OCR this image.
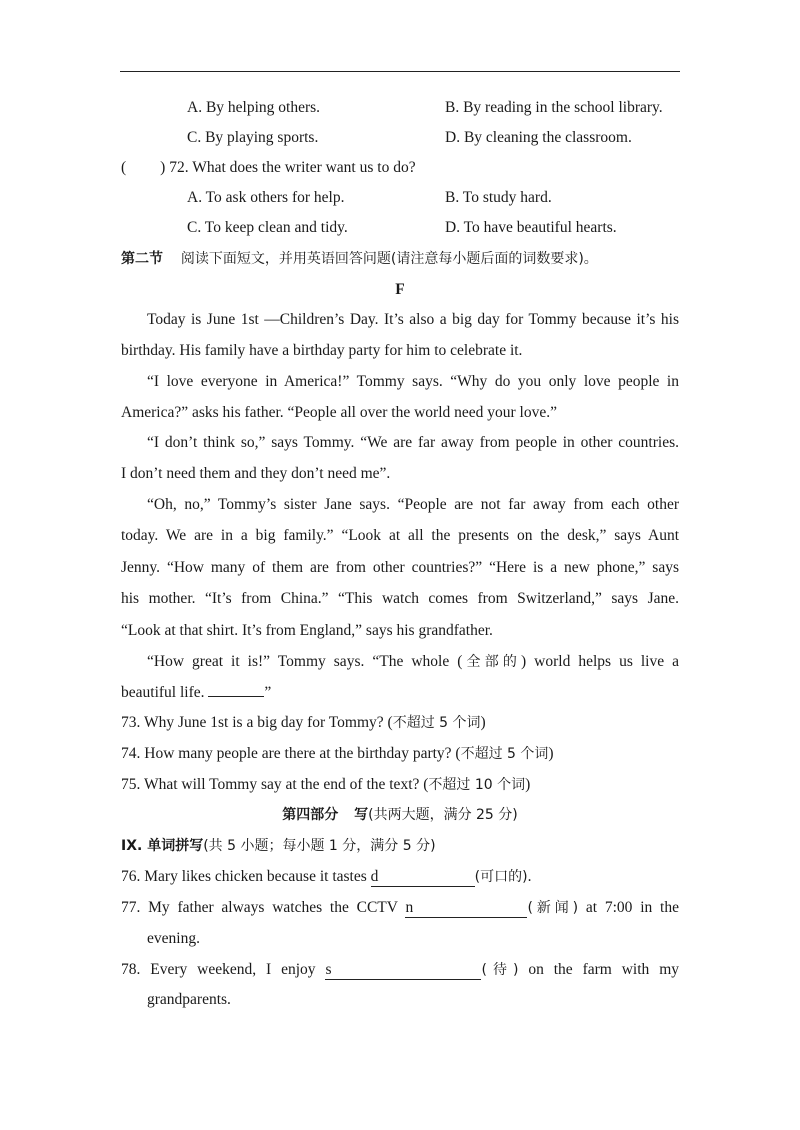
A. By helping others.	B. By reading in the school library.
C. By playing sports.	D. By cleaning the classroom.
( ) 72. What does the writer want us to do?
A. To ask others for help.	B. To study hard.
C. To keep clean and tidy.	D. To have beautiful hearts.
第二节 阅读下面短文，并用英语回答问题(请注意每小题后面的词数要求)。
F
Today is June 1st —Children’s Day. It’s also a big day for Tommy because it’s his
birthday. His family have a birthday party for him to celebrate it.
“I love everyone in America!” Tommy says. “Why do you only love people in
America?” asks his father. “People all over the world need your love.”
“I don’t think so,” says Tommy. “We are far away from people in other countries.
I don’t need them and they don’t need me”.
“Oh, no,” Tommy’s sister Jane says. “People are not far away from each other
today. We are in a big family.” “Look at all the presents on the desk,” says Aunt
Jenny. “How many of them are from other countries?” “Here is a new phone,” says
his mother. “It’s from China.” “This watch comes from Switzerland,” says Jane.
“Look at that shirt. It’s from England,” says his grandfather.
“How great it is!” Tommy says. “The whole (全部的) world helps us live a
beautiful life.	”
73. Why June 1st is a big day for Tommy? (不超过 5 个词)
74. How many people are there at the birthday party? (不超过 5 个词)
75. What will Tommy say at the end of the text? (不超过 10 个词)
第四部分 写(共两大题，满分 25 分)
IX. 单词拼写(共 5 小题；每小题 1 分，满分 5 分)
76. Mary likes chicken because it tastes d	(可口的).
77. My father always watches the CCTV n	(新闻) at 7:00 in the
evening.
78. Every weekend, I enjoy s	(待) on the farm with my
grandparents.
